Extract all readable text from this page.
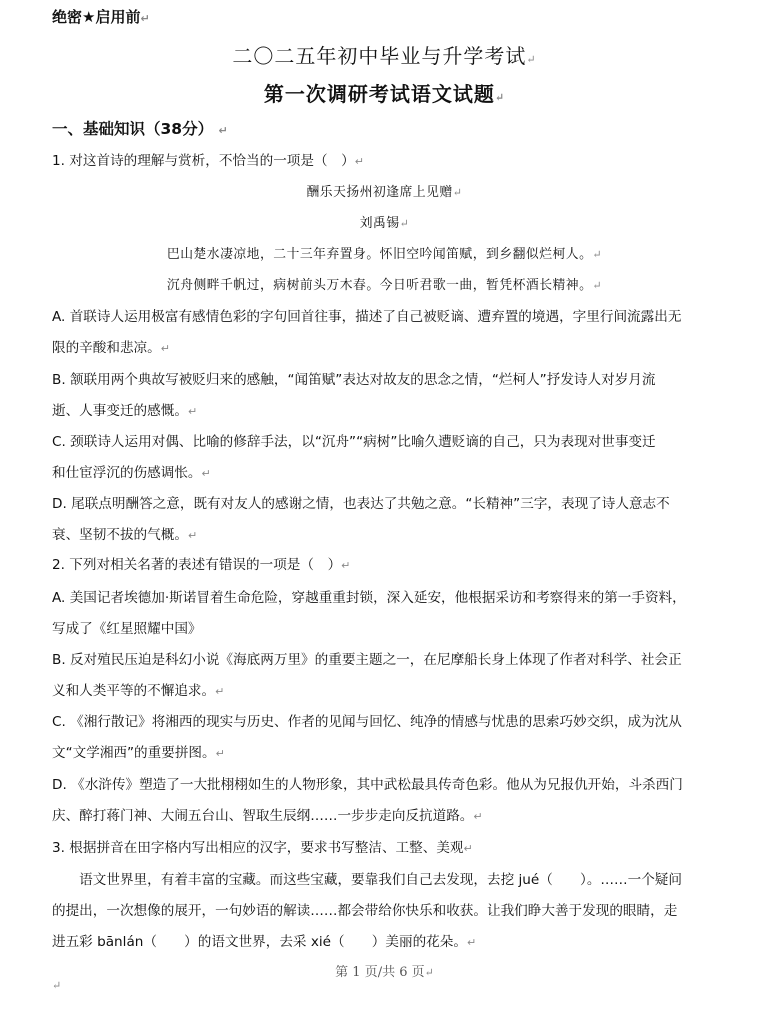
绝密★启用前↵
二〇二五年初中毕业与升学考试↵
第一次调研考试语文试题↵
一、基础知识（38分） ↵
1. 对这首诗的理解与赏析，不恰当的一项是（　）↵
酬乐天扬州初逢席上见赠↵
刘禹锡↵
巴山楚水凄凉地，二十三年弃置身。怀旧空吟闻笛赋，到乡翻似烂柯人。↵
沉舟侧畔千帆过，病树前头万木春。今日听君歌一曲，暂凭杯酒长精神。↵
A. 首联诗人运用极富有感情色彩的字句回首往事，描述了自己被贬谪、遭弃置的境遇，字里行间流露出无
限的辛酸和悲凉。↵
B. 颔联用两个典故写被贬归来的感触，“闻笛赋”表达对故友的思念之情，“烂柯人”抒发诗人对岁月流
逝、人事变迁的感慨。↵
C. 颈联诗人运用对偶、比喻的修辞手法，以“沉舟”“病树”比喻久遭贬谪的自己，只为表现对世事变迁
和仕宦浮沉的伤感调怅。↵
D. 尾联点明酬答之意，既有对友人的感谢之情，也表达了共勉之意。“长精神”三字，表现了诗人意志不
衰、坚韧不拔的气概。↵
2. 下列对相关名著的表述有错误的一项是（　）↵
A. 美国记者埃德加·斯诺冒着生命危险，穿越重重封锁，深入延安，他根据采访和考察得来的第一手资料，
写成了《红星照耀中国》
B. 反对殖民压迫是科幻小说《海底两万里》的重要主题之一，在尼摩船长身上体现了作者对科学、社会正
义和人类平等的不懈追求。↵
C. 《湘行散记》将湘西的现实与历史、作者的见闻与回忆、纯净的情感与忧患的思索巧妙交织，成为沈从
文“文学湘西”的重要拼图。↵
D. 《水浒传》塑造了一大批栩栩如生的人物形象，其中武松最具传奇色彩。他从为兄报仇开始，斗杀西门
庆、醉打蒋门神、大闹五台山、智取生辰纲……一步步走向反抗道路。↵
3. 根据拼音在田字格内写出相应的汉字，要求书写整洁、工整、美观↵
　　语文世界里，有着丰富的宝藏。而这些宝藏，要靠我们自己去发现，去挖 jué（　　）。……一个疑问
的提出，一次想像的展开，一句妙语的解读……都会带给你快乐和收获。让我们睁大善于发现的眼睛，走
进五彩 bānlán（　　）的语文世界，去采 xié（　　）美丽的花朵。↵
第 1 页/共 6 页↵
↵
